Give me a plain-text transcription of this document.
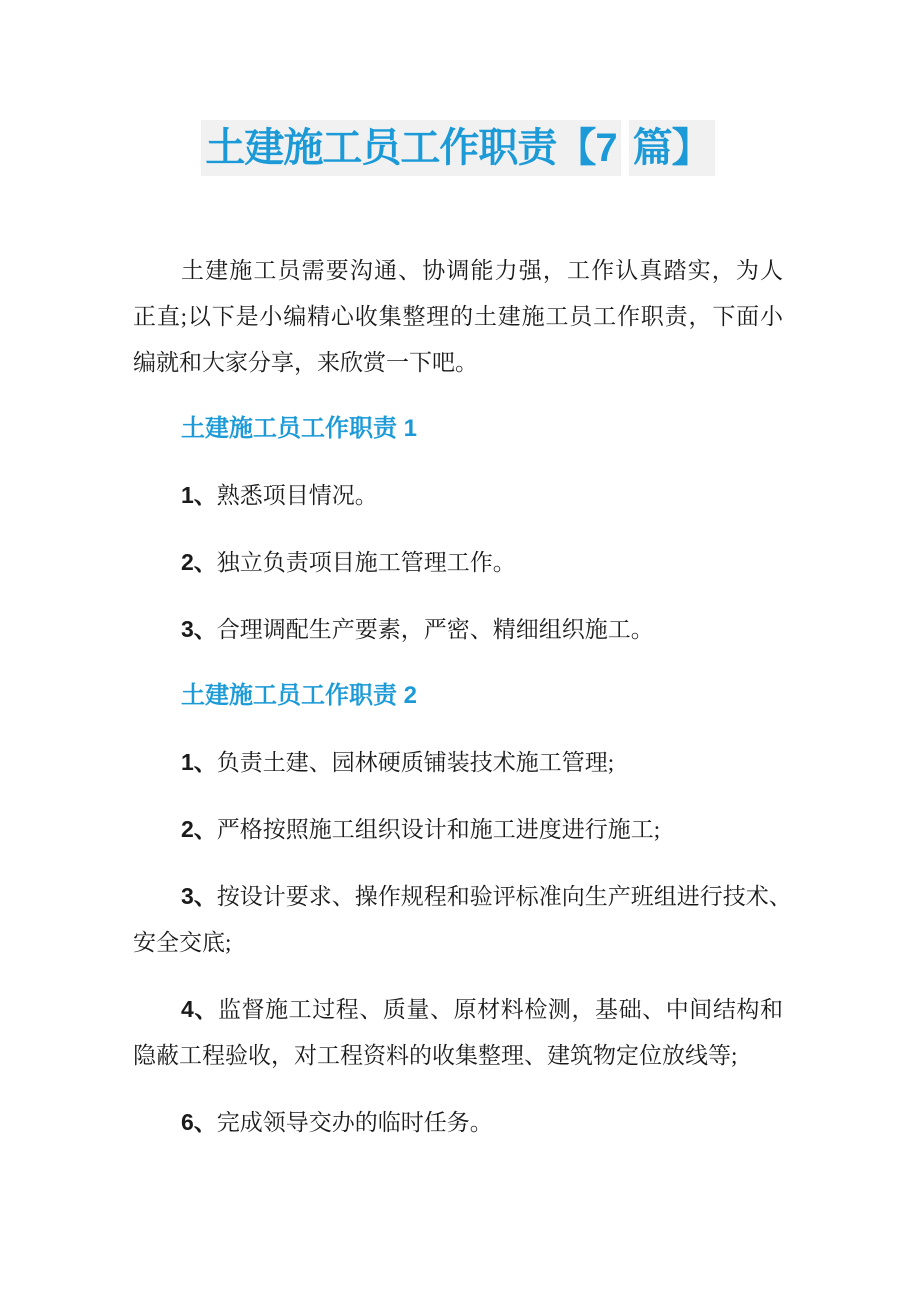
土建施工员工作职责【7 篇】

土建施工员需要沟通、协调能力强，工作认真踏实，为人
正直;以下是小编精心收集整理的土建施工员工作职责，下面小
编就和大家分享，来欣赏一下吧。

土建施工员工作职责 1

1、熟悉项目情况。

2、独立负责项目施工管理工作。

3、合理调配生产要素，严密、精细组织施工。

土建施工员工作职责 2

1、负责土建、园林硬质铺装技术施工管理;

2、严格按照施工组织设计和施工进度进行施工;

3、按设计要求、操作规程和验评标准向生产班组进行技术、
安全交底;

4、监督施工过程、质量、原材料检测，基础、中间结构和
隐蔽工程验收，对工程资料的收集整理、建筑物定位放线等;

6、完成领导交办的临时任务。
